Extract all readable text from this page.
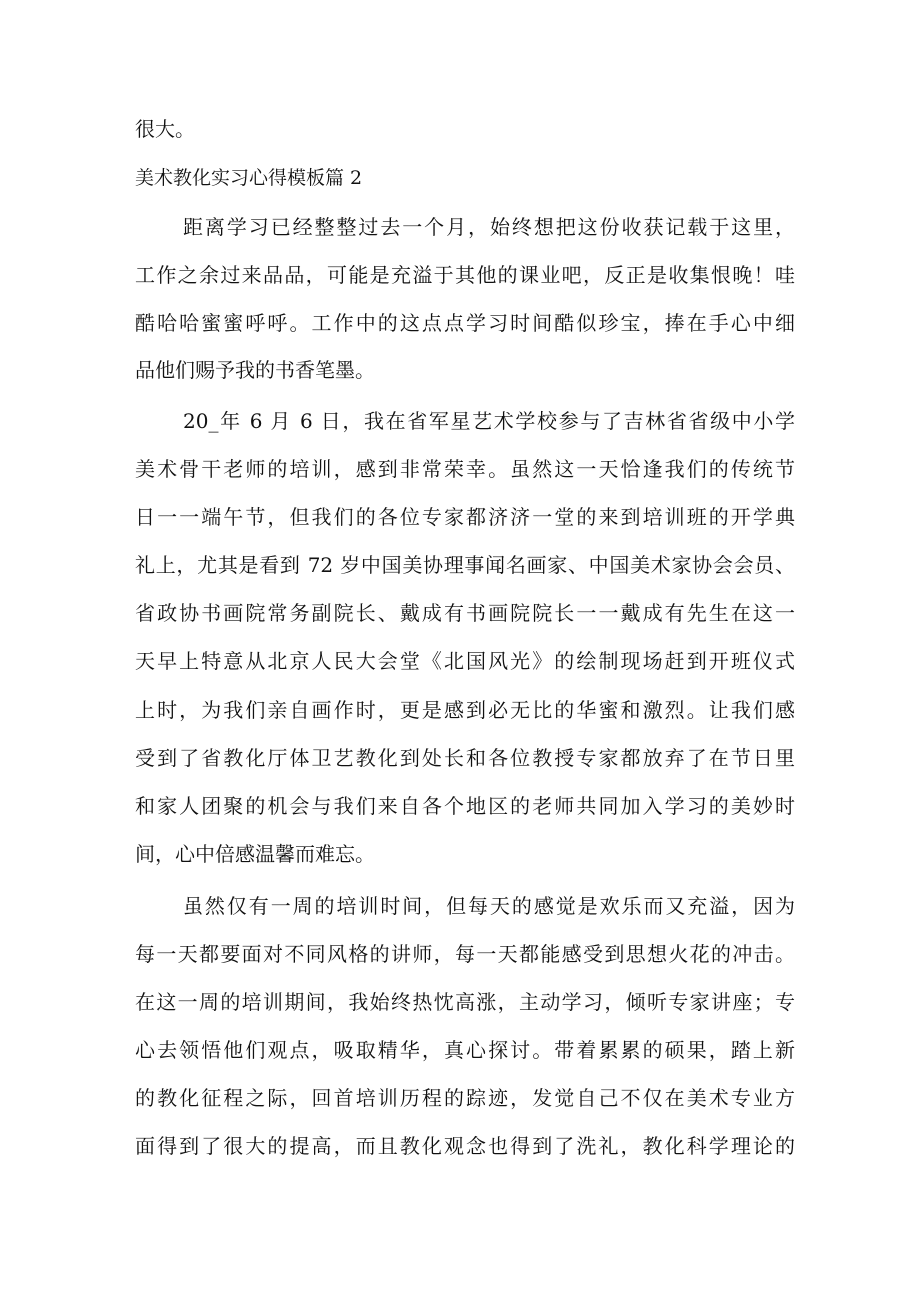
很大。
美术教化实习心得模板篇 2
距离学习已经整整过去一个月，始终想把这份收获记载于这里，
工作之余过来品品，可能是充溢于其他的课业吧，反正是收集恨晚！哇
酷哈哈蜜蜜呼呼。工作中的这点点学习时间酷似珍宝，捧在手心中细
品他们赐予我的书香笔墨。
20_年 6 月 6 日，我在省军星艺术学校参与了吉林省省级中小学
美术骨干老师的培训，感到非常荣幸。虽然这一天恰逢我们的传统节
日一一端午节，但我们的各位专家都济济一堂的来到培训班的开学典
礼上，尤其是看到 72 岁中国美协理事闻名画家、中国美术家协会会员、
省政协书画院常务副院长、戴成有书画院院长一一戴成有先生在这一
天早上特意从北京人民大会堂《北国风光》的绘制现场赶到开班仪式
上时，为我们亲自画作时，更是感到必无比的华蜜和激烈。让我们感
受到了省教化厅体卫艺教化到处长和各位教授专家都放弃了在节日里
和家人团聚的机会与我们来自各个地区的老师共同加入学习的美妙时
间，心中倍感温馨而难忘。
虽然仅有一周的培训时间，但每天的感觉是欢乐而又充溢，因为
每一天都要面对不同风格的讲师，每一天都能感受到思想火花的冲击。
在这一周的培训期间，我始终热忱高涨，主动学习，倾听专家讲座；专
心去领悟他们观点，吸取精华，真心探讨。带着累累的硕果，踏上新
的教化征程之际，回首培训历程的踪迹，发觉自己不仅在美术专业方
面得到了很大的提高，而且教化观念也得到了洗礼，教化科学理论的
